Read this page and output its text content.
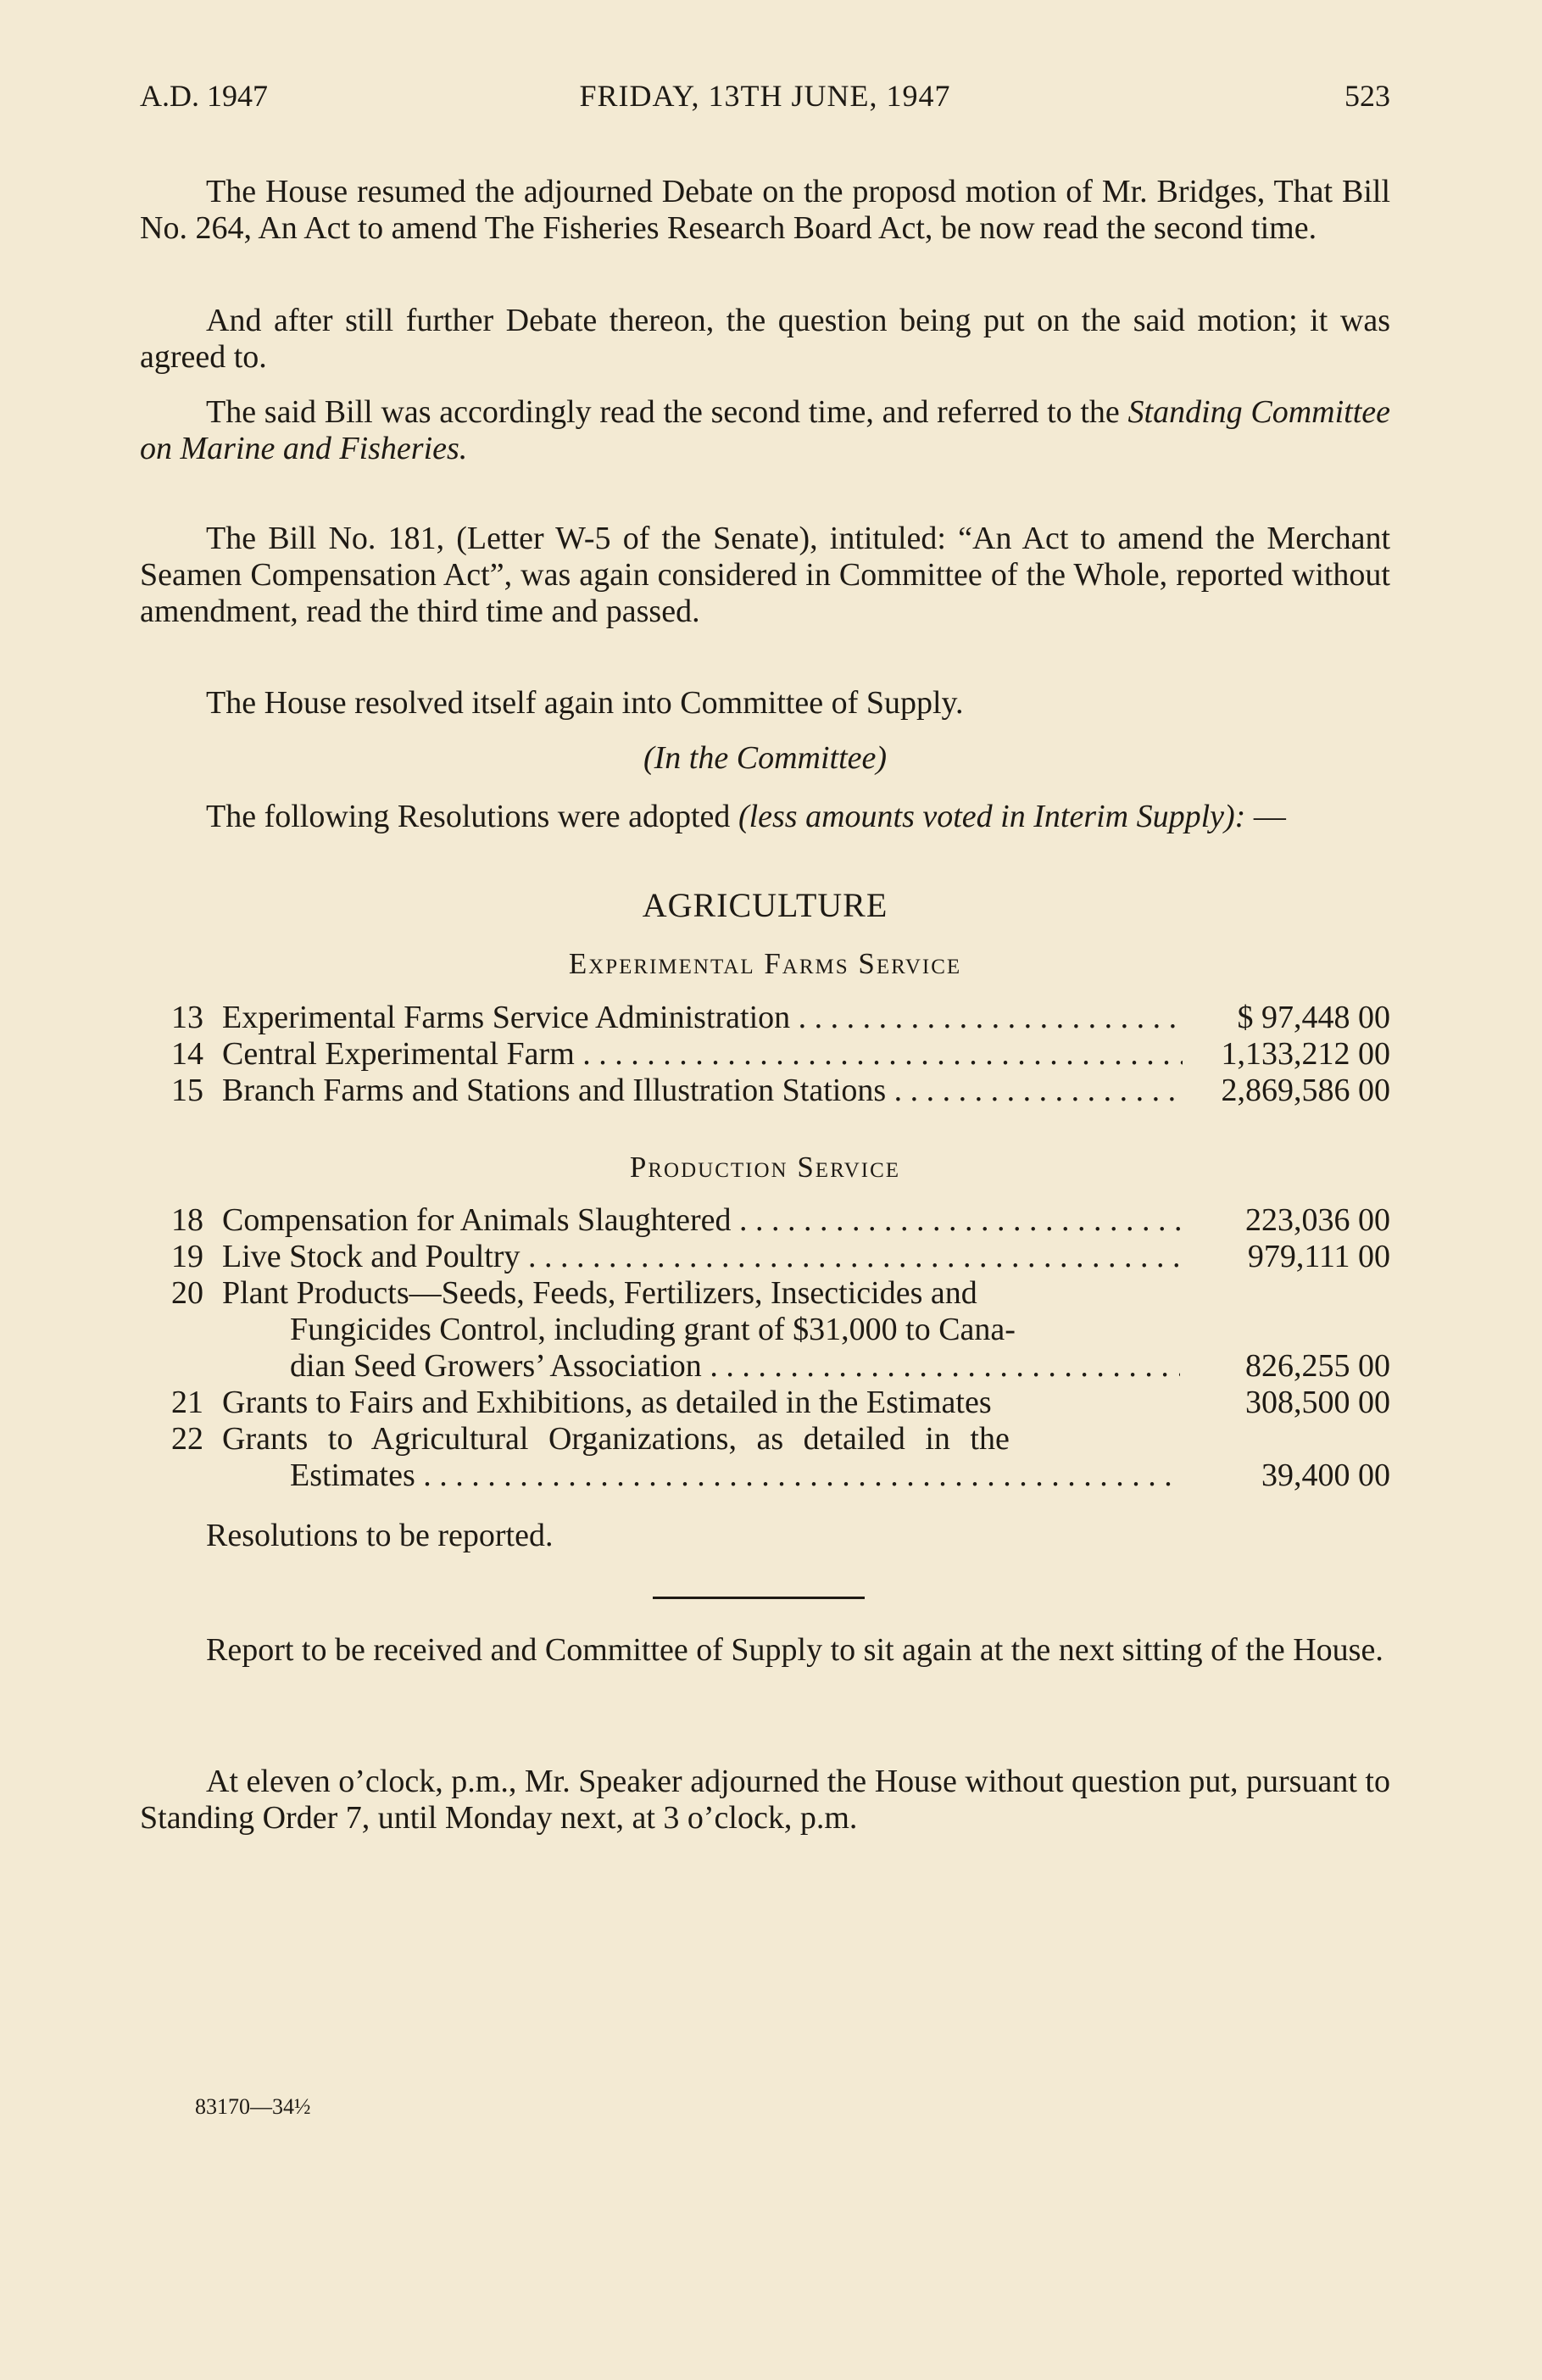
A.D. 1947	FRIDAY, 13TH JUNE, 1947	523
The House resumed the adjourned Debate on the proposd motion of Mr. Bridges, That Bill No. 264, An Act to amend The Fisheries Research Board Act, be now read the second time.
And after still further Debate thereon, the question being put on the said motion; it was agreed to.
The said Bill was accordingly read the second time, and referred to the Standing Committee on Marine and Fisheries.
The Bill No. 181, (Letter W-5 of the Senate), intituled: “An Act to amend the Merchant Seamen Compensation Act”, was again considered in Committee of the Whole, reported without amendment, read the third time and passed.
The House resolved itself again into Committee of Supply.
(In the Committee)
The following Resolutions were adopted (less amounts voted in Interim Supply): —
AGRICULTURE
Experimental Farms Service
13 Experimental Farms Service Administration . . .	$ 97,448 00
14 Central Experimental Farm . . .	1,133,212 00
15 Branch Farms and Stations and Illustration Stations . . .	2,869,586 00
Production Service
18 Compensation for Animals Slaughtered . . .	223,036 00
19 Live Stock and Poultry . . .	979,111 00
20 Plant Products—Seeds, Feeds, Fertilizers, Insecticides and
Fungicides Control, including grant of $31,000 to Cana-
dian Seed Growers’ Association . . .	826,255 00
21 Grants to Fairs and Exhibitions, as detailed in the Estimates	308,500 00
22 Grants to Agricultural Organizations, as detailed in the
Estimates . . .	39,400 00
Resolutions to be reported.
Report to be received and Committee of Supply to sit again at the next sitting of the House.
At eleven o’clock, p.m., Mr. Speaker adjourned the House without question put, pursuant to Standing Order 7, until Monday next, at 3 o’clock, p.m.
83170—34½
